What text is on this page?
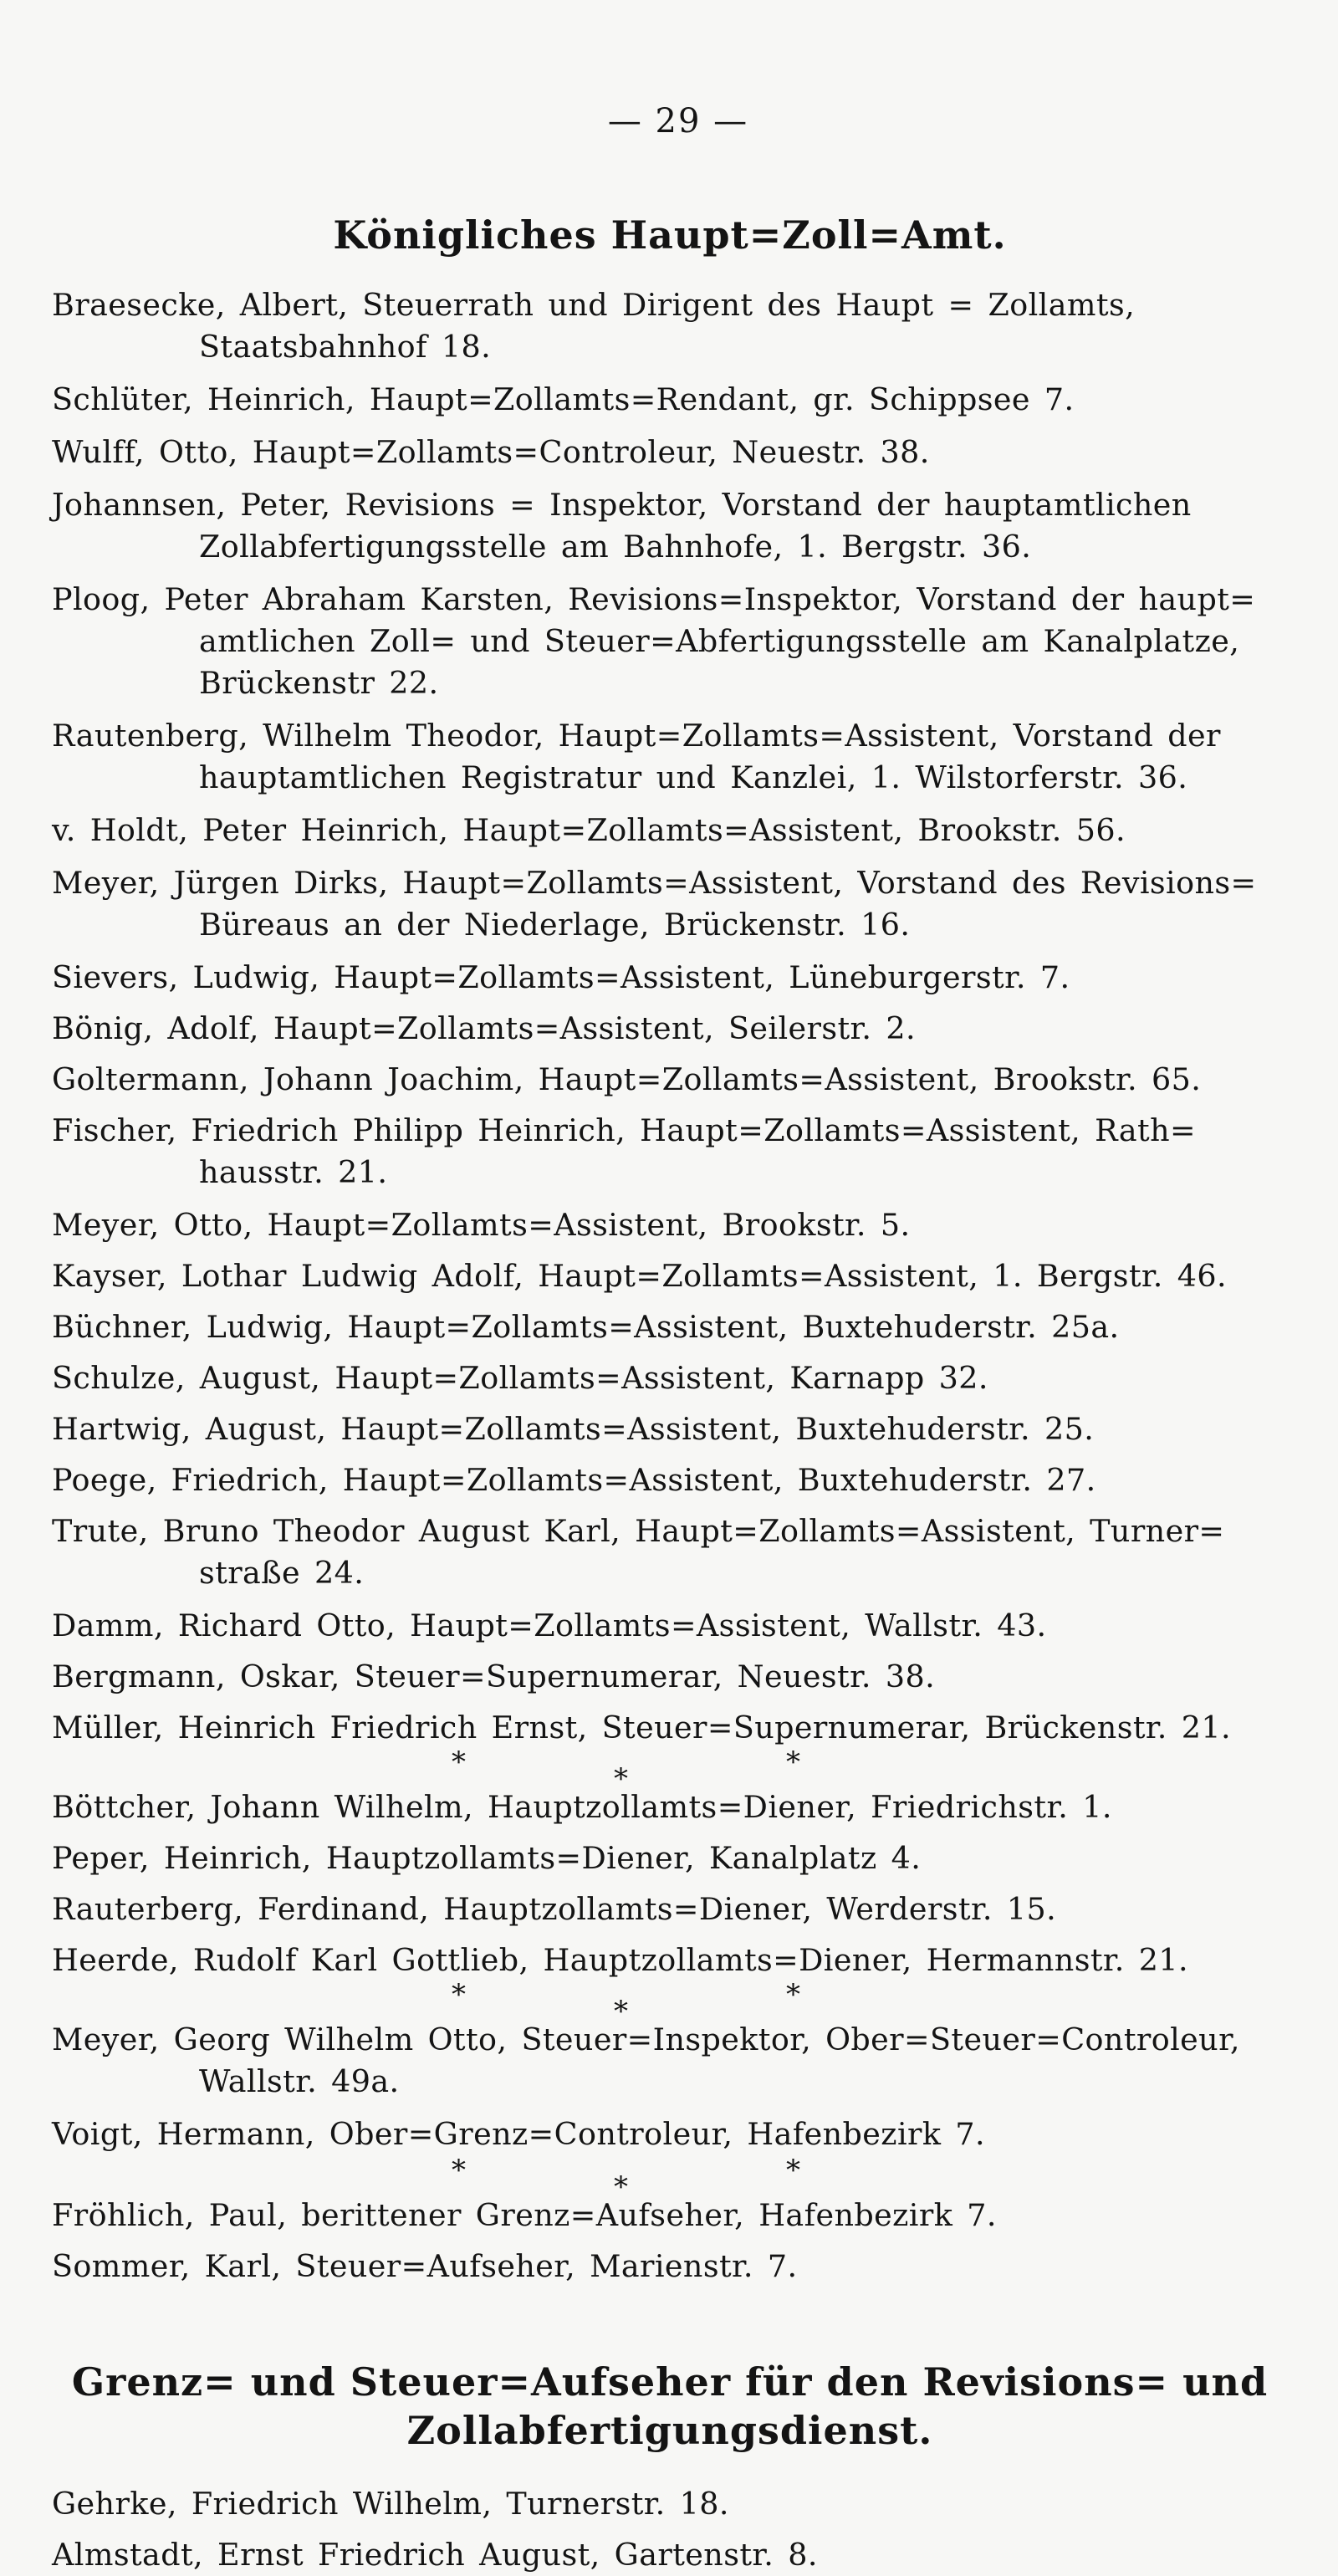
— 29 —
Königliches Haupt=Zoll=Amt.
Braesecke, Albert, Steuerrath und Dirigent des Haupt = Zollamts, Staatsbahnhof 18.
Schlüter, Heinrich, Haupt=Zollamts=Rendant, gr. Schippsee 7.
Wulff, Otto, Haupt=Zollamts=Controleur, Neuestr. 38.
Johannsen, Peter, Revisions = Inspektor, Vorstand der hauptamtlichen Zollabfertigungsstelle am Bahnhofe, 1. Bergstr. 36.
Ploog, Peter Abraham Karsten, Revisions=Inspektor, Vorstand der haupt= amtlichen Zoll= und Steuer=Abfertigungsstelle am Kanalplatze, Brückenstr 22.
Rautenberg, Wilhelm Theodor, Haupt=Zollamts=Assistent, Vorstand der hauptamtlichen Registratur und Kanzlei, 1. Wilstorferstr. 36.
v. Holdt, Peter Heinrich, Haupt=Zollamts=Assistent, Brookstr. 56.
Meyer, Jürgen Dirks, Haupt=Zollamts=Assistent, Vorstand des Revisions= Büreaus an der Niederlage, Brückenstr. 16.
Sievers, Ludwig, Haupt=Zollamts=Assistent, Lüneburgerstr. 7.
Bönig, Adolf, Haupt=Zollamts=Assistent, Seilerstr. 2.
Goltermann, Johann Joachim, Haupt=Zollamts=Assistent, Brookstr. 65.
Fischer, Friedrich Philipp Heinrich, Haupt=Zollamts=Assistent, Rath= hausstr. 21.
Meyer, Otto, Haupt=Zollamts=Assistent, Brookstr. 5.
Kayser, Lothar Ludwig Adolf, Haupt=Zollamts=Assistent, 1. Bergstr. 46.
Büchner, Ludwig, Haupt=Zollamts=Assistent, Buxtehuderstr. 25a.
Schulze, August, Haupt=Zollamts=Assistent, Karnapp 32.
Hartwig, August, Haupt=Zollamts=Assistent, Buxtehuderstr. 25.
Poege, Friedrich, Haupt=Zollamts=Assistent, Buxtehuderstr. 27.
Trute, Bruno Theodor August Karl, Haupt=Zollamts=Assistent, Turner= straße 24.
Damm, Richard Otto, Haupt=Zollamts=Assistent, Wallstr. 43.
Bergmann, Oskar, Steuer=Supernumerar, Neuestr. 38.
Müller, Heinrich Friedrich Ernst, Steuer=Supernumerar, Brückenstr. 21.
*	*	*
Böttcher, Johann Wilhelm, Hauptzollamts=Diener, Friedrichstr. 1.
Peper, Heinrich, Hauptzollamts=Diener, Kanalplatz 4.
Rauterberg, Ferdinand, Hauptzollamts=Diener, Werderstr. 15.
Heerde, Rudolf Karl Gottlieb, Hauptzollamts=Diener, Hermannstr. 21.
*	*	*
Meyer, Georg Wilhelm Otto, Steuer=Inspektor, Ober=Steuer=Controleur, Wallstr. 49a.
Voigt, Hermann, Ober=Grenz=Controleur, Hafenbezirk 7.
*	*	*
Fröhlich, Paul, berittener Grenz=Aufseher, Hafenbezirk 7.
Sommer, Karl, Steuer=Aufseher, Marienstr. 7.
Grenz= und Steuer=Aufseher für den Revisions= und Zollabfertigungsdienst.
Gehrke, Friedrich Wilhelm, Turnerstr. 18.
Almstadt, Ernst Friedrich August, Gartenstr. 8.
